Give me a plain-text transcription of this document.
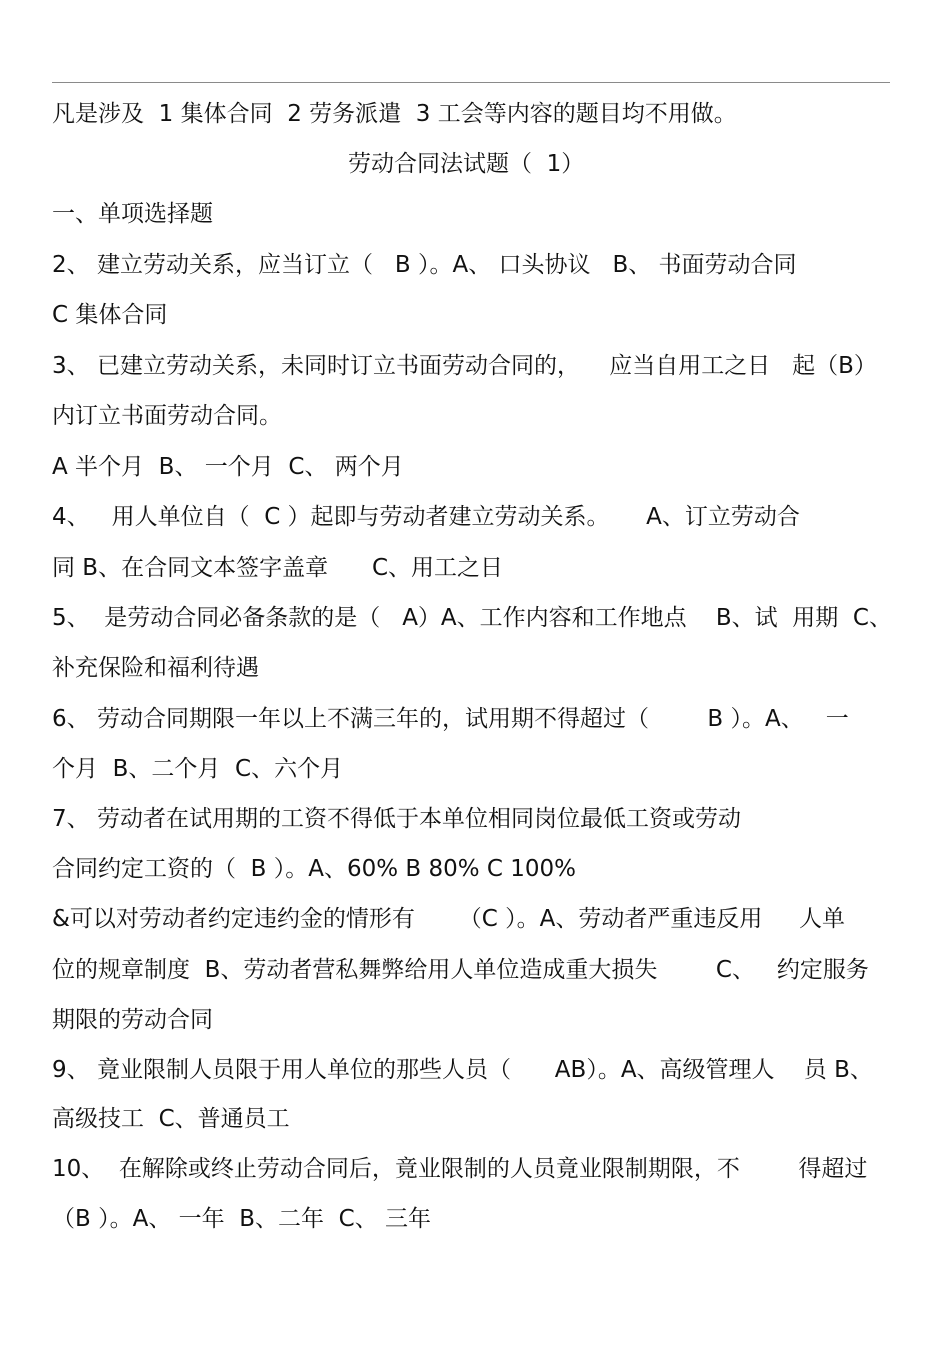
凡是涉及  1 集体合同  2 劳务派遣  3 工会等内容的题目均不用做。
劳动合同法试题（  1）
一、单项选择题
2、 建立劳动关系，应当订立（   B ）。A、 口头协议   B、 书面劳动合同
C 集体合同
3、 已建立劳动关系，未同时订立书面劳动合同的，    应当自用工之日   起（B）
内订立书面劳动合同。
A 半个月  B、 一个月  C、 两个月
4、   用人单位自（  C ）起即与劳动者建立劳动关系。     A、订立劳动合
同 B、在合同文本签字盖章      C、用工之日
5、  是劳动合同必备条款的是（   A）A、工作内容和工作地点    B、试  用期  C、
补充保险和福利待遇
6、 劳动合同期限一年以上不满三年的，试用期不得超过（        B ）。A、   一
个月  B、二个月  C、六个月
7、 劳动者在试用期的工资不得低于本单位相同岗位最低工资或劳动
合同约定工资的（  B ）。A、60% B 80% C 100%
&可以对劳动者约定违约金的情形有      （C ）。A、劳动者严重违反用     人单
位的规章制度  B、劳动者营私舞弊给用人单位造成重大损失        C、   约定服务
期限的劳动合同
9、 竟业限制人员限于用人单位的那些人员（      AB）。A、高级管理人    员 B、
高级技工  C、普通员工
10、  在解除或终止劳动合同后，竟业限制的人员竟业限制期限，不        得超过
（B ）。A、 一年  B、二年  C、 三年
